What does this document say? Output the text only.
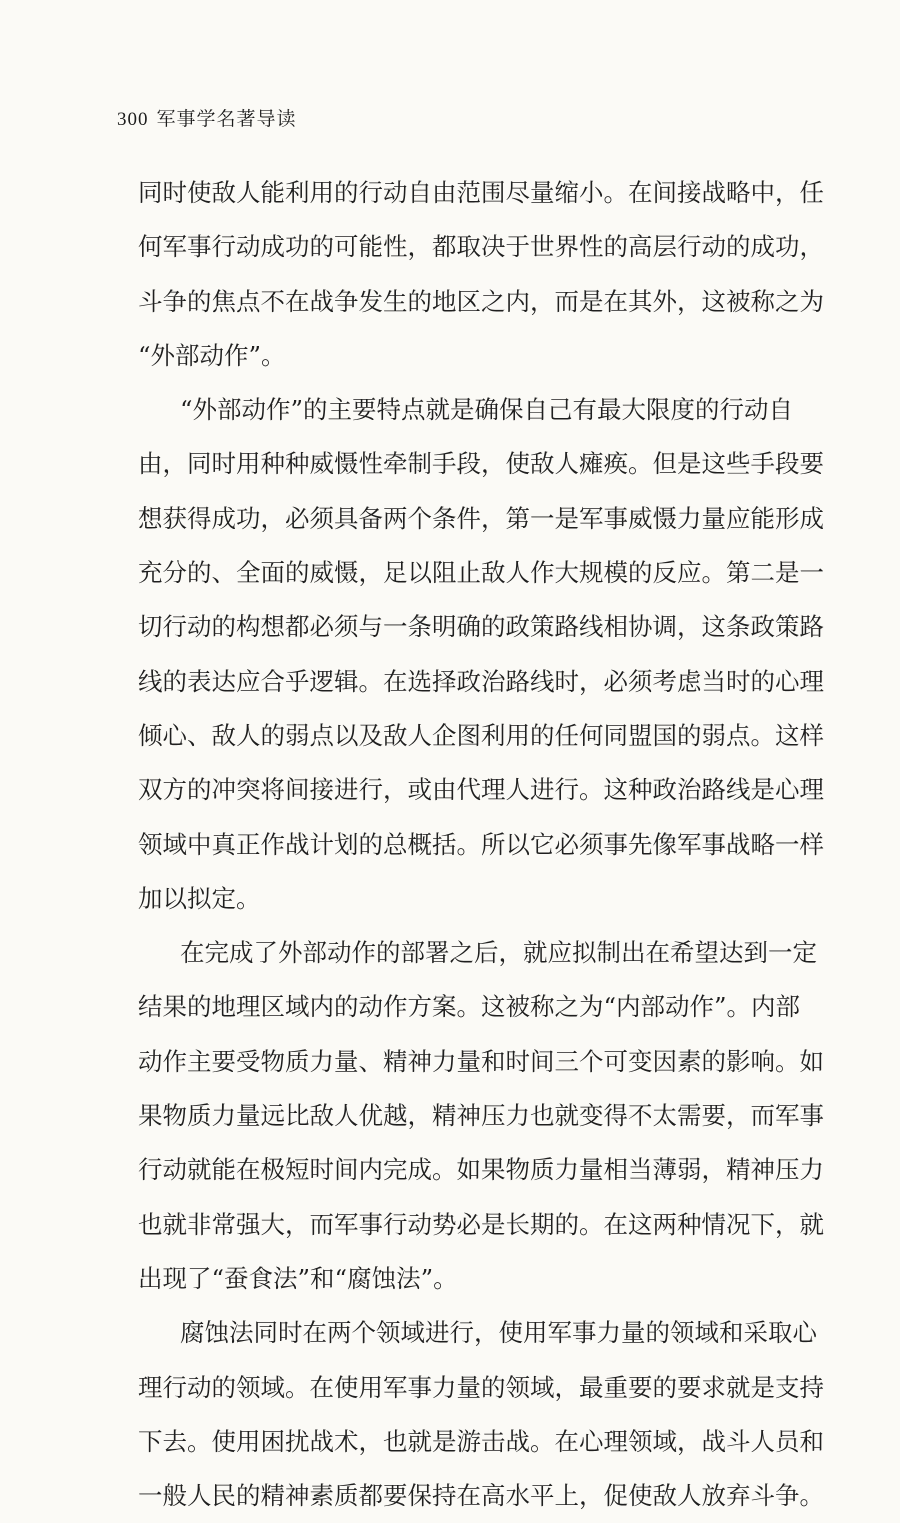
300 军事学名著导读
同时使敌人能利用的行动自由范围尽量缩小。在间接战略中，任
何军事行动成功的可能性，都取决于世界性的高层行动的成功，
斗争的焦点不在战争发生的地区之内，而是在其外，这被称之为
“外部动作”。
“外部动作”的主要特点就是确保自己有最大限度的行动自
由，同时用种种威慑性牵制手段，使敌人瘫痪。但是这些手段要
想获得成功，必须具备两个条件，第一是军事威慑力量应能形成
充分的、全面的威慑，足以阻止敌人作大规模的反应。第二是一
切行动的构想都必须与一条明确的政策路线相协调，这条政策路
线的表达应合乎逻辑。在选择政治路线时，必须考虑当时的心理
倾心、敌人的弱点以及敌人企图利用的任何同盟国的弱点。这样
双方的冲突将间接进行，或由代理人进行。这种政治路线是心理
领域中真正作战计划的总概括。所以它必须事先像军事战略一样
加以拟定。
在完成了外部动作的部署之后，就应拟制出在希望达到一定
结果的地理区域内的动作方案。这被称之为“内部动作”。内部
动作主要受物质力量、精神力量和时间三个可变因素的影响。如
果物质力量远比敌人优越，精神压力也就变得不太需要，而军事
行动就能在极短时间内完成。如果物质力量相当薄弱，精神压力
也就非常强大，而军事行动势必是长期的。在这两种情况下，就
出现了“蚕食法”和“腐蚀法”。
腐蚀法同时在两个领域进行，使用军事力量的领域和采取心
理行动的领域。在使用军事力量的领域，最重要的要求就是支持
下去。使用困扰战术，也就是游击战。在心理领域，战斗人员和
一般人民的精神素质都要保持在高水平上，促使敌人放弃斗争。
